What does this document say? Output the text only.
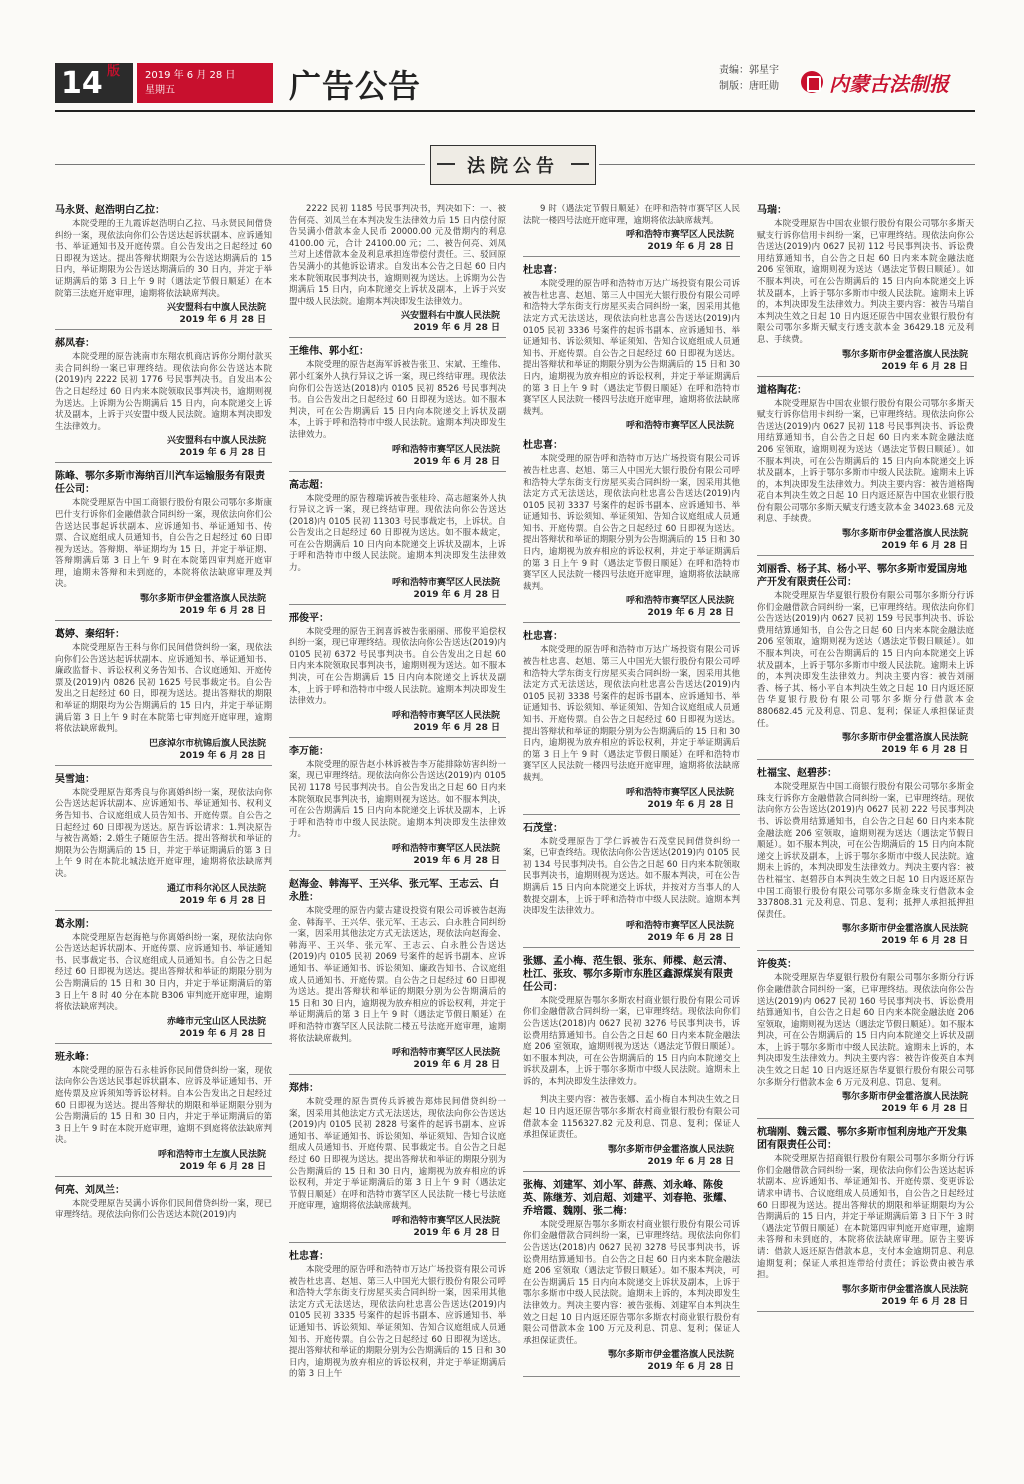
14 版	2019 年 6 月 28 日
星期五	广告公告	责编：郭星宇
制版：唐旺勋	内蒙古法制报
法院公告

马永贤、赵浩明白乙拉：

本院受理的王九霞诉赵浩明白乙拉、马永贤民间借贷纠纷一案，现依法向你们公告送达起诉状副本、应诉通知书、举证通知书及开庭传票。自公告发出之日起经过 60 日即视为送达。提出答辩状期限为公告送达期满后的 15 日内，举证期限为公告送达期满后的 30 日内，并定于举证期满后的第 3 日上午 9 时（遇法定节假日顺延）在本院第三法庭开庭审理，逾期将依法缺席判决。

兴安盟科右中旗人民法院

2019 年 6 月 28 日

郝凤春：

本院受理的原告洮南市东翔农机商店诉你分期付款买卖合同纠纷一案已审理终结。现依法向你公告送达本院(2019)内 2222 民初 1776 号民事判决书。自发出本公告之日起经过 60 日内来本院领取民事判决书，逾期则视为送达。上诉期为公告期满后 15 日内，向本院递交上诉状及副本，上诉于兴安盟中级人民法院。逾期本判决即发生法律效力。

兴安盟科右中旗人民法院

2019 年 6 月 28 日

陈峰、鄂尔多斯市海纳百川汽车运输服务有限责任公司：

本院受理原告中国工商银行股份有限公司鄂尔多斯康巴什支行诉你们金融借款合同纠纷一案，现依法向你们公告送达民事起诉状副本、应诉通知书、举证通知书、传票、合议庭组成人员通知书，自公告之日起经过 60 日即视为送达。答辩期、举证期均为 15 日，并定于举证期、答辩期满后第 3 日上午 9 时在本院第四审判庭开庭审理，逾期未答辩和未到庭的，本院将依法缺席审理及判决。

鄂尔多斯市伊金霍洛旗人民法院

2019 年 6 月 28 日

葛婷、秦绍轩：

本院受理原告王科与你们民间借贷纠纷一案，现依法向你们公告送达起诉状副本、应诉通知书、举证通知书、廉政监督卡、诉讼权利义务告知书、合议庭通知、开庭传票及(2019)内 0826 民初 1625 号民事裁定书。自公告发出之日起经过 60 日，即视为送达。提出答辩状的期限和举证的期限均为公告期满后的 15 日内，并定于举证期满后第 3 日上午 9 时在本院第七审判庭开庭审理，逾期将依法缺席裁判。

巴彦淖尔市杭锦后旗人民法院

2019 年 6 月 28 日

吴雪迪：

本院受理原告郑秀良与你离婚纠纷一案，现依法向你公告送达起诉状副本、应诉通知书、举证通知书、权利义务告知书、合议庭组成人员告知书、开庭传票。自公告之日起经过 60 日即视为送达。原告诉讼请求：1.判决原告与被告离婚；2.婚生子随原告生活。提出答辩状和举证的期限为公告期满后的 15 日，并定于举证期满后的第 3 日上午 9 时在本院北城法庭开庭审理，逾期将依法缺席判决。

通辽市科尔沁区人民法院

2019 年 6 月 28 日

葛永刚：

本院受理原告赵海艳与你离婚纠纷一案，现依法向你公告送达起诉状副本、开庭传票、应诉通知书、举证通知书、民事裁定书、合议庭组成人员通知书。自公告之日起经过 60 日即视为送达。提出答辩状和举证的期限分别为公告期满后的 15 日和 30 日内，并定于举证期满后的第 3 日上午 8 时 40 分在本院 B306 审判庭开庭审理，逾期将依法缺席判决。

赤峰市元宝山区人民法院

2019 年 6 月 28 日

班永峰：

本院受理的原告石永桂诉你民间借贷纠纷一案，现依法向你公告送达民事起诉状副本、应诉及举证通知书、开庭传票及应诉须知等诉讼材料。自本公告发出之日起经过 60 日即视为送达。提出答辩状的期限和举证期限分别为公告期满后的 15 日和 30 日内，并定于举证期满后的第 3 日上午 9 时在本院开庭审理，逾期不到庭将依法缺席判决。

呼和浩特市土左旗人民法院

2019 年 6 月 28 日

何亮、刘凤兰：

本院受理原告吴满小诉你们民间借贷纠纷一案，现已审理终结。现依法向你们公告送达本院(2019)内

2222 民初 1185 号民事判决书，判决如下：一、被告何亮、刘凤兰在本判决发生法律效力后 15 日内偿付原告吴满小借款本金人民币 20000.00 元及借期内的利息 4100.00 元，合计 24100.00 元；二、被告何亮、刘凤兰对上述借款本金及利息承担连带偿付责任。三、驳回原告吴满小的其他诉讼请求。自发出本公告之日起 60 日内来本院领取民事判决书，逾期则视为送达。上诉期为公告期满后 15 日内，向本院递交上诉状及副本，上诉于兴安盟中级人民法院。逾期本判决即发生法律效力。

兴安盟科右中旗人民法院

2019 年 6 月 28 日

王维伟、郭小红：

本院受理的原告赵海军诉被告张卫、宋斌、王维伟、郭小红案外人执行异议之诉一案，现已终结审理。现依法向你们公告送达(2018)内 0105 民初 8526 号民事判决书。自公告发出之日起经过 60 日即视为送达。如不服本判决，可在公告期满后 15 日内向本院递交上诉状及副本，上诉于呼和浩特市中级人民法院。逾期本判决即发生法律效力。

呼和浩特市赛罕区人民法院

2019 年 6 月 28 日

高志超：

本院受理的原告穆瑞诉被告张桂玲、高志超案外人执行异议之诉一案，现已终结审理。现依法向你公告送达(2018)内 0105 民初 11303 号民事裁定书，上诉状。自公告发出之日起经过 60 日即视为送达。如不服本裁定，可在公告期满后 10 日内向本院递交上诉状及副本，上诉于呼和浩特市中级人民法院。逾期本判决即发生法律效力。

呼和浩特市赛罕区人民法院

2019 年 6 月 28 日

邢俊平：

本院受理的原告王润喜诉被告张丽丽、邢俊平追偿权纠纷一案，现已审理终结。现依法向你公告送达(2019)内 0105 民初 6372 号民事判决书。自公告发出之日起 60 日内来本院领取民事判决书，逾期则视为送达。如不服本判决，可在公告期满后 15 日内向本院递交上诉状及副本，上诉于呼和浩特市中级人民法院。逾期本判决即发生法律效力。

呼和浩特市赛罕区人民法院

2019 年 6 月 28 日

李万能：

本院受理的原告赵小林诉被告李万能排除妨害纠纷一案，现已审理终结。现依法向你公告送达(2019)内 0105 民初 1178 号民事判决书。自公告发出之日起 60 日内来本院领取民事判决书，逾期则视为送达。如不服本判决，可在公告期满后 15 日内向本院递交上诉状及副本，上诉于呼和浩特市中级人民法院。逾期本判决即发生法律效力。

呼和浩特市赛罕区人民法院

2019 年 6 月 28 日

赵海金、韩海平、王兴华、张元军、王志云、白永胜：

本院受理的原告内蒙古建设投资有限公司诉被告赵海金、韩海平、王兴华、张元军、王志云、白永胜合同纠纷一案，因采用其他法定方式无法送达，现依法向赵海金、韩海平、王兴华、张元军、王志云、白永胜公告送达(2019)内 0105 民初 2069 号案件的起诉书副本、应诉通知书、举证通知书、诉讼须知、廉政告知书、合议庭组成人员通知书、开庭传票。自公告之日起经过 60 日即视为送达。提出答辩状和举证的期限分别为公告期满后的 15 日和 30 日内，逾期视为放弃相应的诉讼权利，并定于举证期满后的第 3 日上午 9 时（遇法定节假日顺延）在呼和浩特市赛罕区人民法院二楼五号法庭开庭审理，逾期将依法缺席裁判。

呼和浩特市赛罕区人民法院

2019 年 6 月 28 日

郑炜：

本院受理的原告贾传兵诉被告郑炜民间借贷纠纷一案，因采用其他法定方式无法送达，现依法向你公告送达(2019)内 0105 民初 2828 号案件的起诉书副本、应诉通知书、举证通知书、诉讼须知、举证须知、告知合议庭组成人员通知书、开庭传票、民事裁定书。自公告之日起经过 60 日即视为送达。提出答辩状和举证的期限分别为公告期满后的 15 日和 30 日内，逾期视为放弃相应的诉讼权利，并定于举证期满后的第 3 日上午 9 时（遇法定节假日顺延）在呼和浩特市赛罕区人民法院一楼七号法庭开庭审理，逾期将依法缺席裁判。

呼和浩特市赛罕区人民法院

2019 年 6 月 28 日

杜忠喜：

本院受理的原告呼和浩特市万达广场投资有限公司诉被告杜忠喜、赵旭、第三人中国光大银行股份有限公司呼和浩特大学东街支行房屋买卖合同纠纷一案，因采用其他法定方式无法送达，现依法向杜忠喜公告送达(2019)内 0105 民初 3335 号案件的起诉书副本、应诉通知书、举证通知书、诉讼须知、举证须知、告知合议庭组成人员通知书、开庭传票。自公告之日起经过 60 日即视为送达。提出答辩状和举证的期限分别为公告期满后的 15 日和 30 日内，逾期视为放弃相应的诉讼权利，并定于举证期满后的第 3 日上午

9 时（遇法定节假日顺延）在呼和浩特市赛罕区人民法院一楼四号法庭开庭审理，逾期将依法缺席裁判。

呼和浩特市赛罕区人民法院

2019 年 6 月 28 日

杜忠喜：

本院受理的原告呼和浩特市万达广场投资有限公司诉被告杜忠喜、赵旭、第三人中国光大银行股份有限公司呼和浩特大学东街支行房屋买卖合同纠纷一案，因采用其他法定方式无法送达，现依法向杜忠喜公告送达(2019)内 0105 民初 3336 号案件的起诉书副本、应诉通知书、举证通知书、诉讼须知、举证须知、告知合议庭组成人员通知书、开庭传票。自公告之日起经过 60 日即视为送达。提出答辩状和举证的期限分别为公告期满后的 15 日和 30 日内，逾期视为放弃相应的诉讼权利，并定于举证期满后的第 3 日上午 9 时（遇法定节假日顺延）在呼和浩特市赛罕区人民法院一楼四号法庭开庭审理，逾期将依法缺席裁判。

呼和浩特市赛罕区人民法院

杜忠喜：

本院受理的原告呼和浩特市万达广场投资有限公司诉被告杜忠喜、赵旭、第三人中国光大银行股份有限公司呼和浩特大学东街支行房屋买卖合同纠纷一案，因采用其他法定方式无法送达，现依法向杜忠喜公告送达(2019)内 0105 民初 3337 号案件的起诉书副本、应诉通知书、举证通知书、诉讼须知、举证须知、告知合议庭组成人员通知书、开庭传票。自公告之日起经过 60 日即视为送达。提出答辩状和举证的期限分别为公告期满后的 15 日和 30 日内，逾期视为放弃相应的诉讼权利，并定于举证期满后的第 3 日上午 9 时（遇法定节假日顺延）在呼和浩特市赛罕区人民法院一楼四号法庭开庭审理，逾期将依法缺席裁判。

呼和浩特市赛罕区人民法院

2019 年 6 月 28 日

杜忠喜：

本院受理的原告呼和浩特市万达广场投资有限公司诉被告杜忠喜、赵旭、第三人中国光大银行股份有限公司呼和浩特大学东街支行房屋买卖合同纠纷一案，因采用其他法定方式无法送达，现依法向杜忠喜公告送达(2019)内 0105 民初 3338 号案件的起诉书副本、应诉通知书、举证通知书、诉讼须知、举证须知、告知合议庭组成人员通知书、开庭传票。自公告之日起经过 60 日即视为送达。提出答辩状和举证的期限分别为公告期满后的 15 日和 30 日内，逾期视为放弃相应的诉讼权利，并定于举证期满后的第 3 日上午 9 时（遇法定节假日顺延）在呼和浩特市赛罕区人民法院一楼四号法庭开庭审理，逾期将依法缺席裁判。

呼和浩特市赛罕区人民法院

2019 年 6 月 28 日

石茂堂：

本院受理原告丁学仁诉被告石茂堂民间借贷纠纷一案，已审查终结。现依法向你公告送达(2019)内 0105 民初 134 号民事判决书。自公告之日起 60 日内来本院领取民事判决书，逾期则视为送达。如不服本判决，可在公告期满后 15 日内向本院递交上诉状，并按对方当事人的人数提交副本，上诉于呼和浩特市中级人民法院。逾期本判决即发生法律效力。

呼和浩特市赛罕区人民法院

2019 年 6 月 28 日

张娜、孟小梅、范生银、张东、师樑、赵云清、杜江、张玫、鄂尔多斯市东胜区鑫源煤炭有限责任公司：

本院受理原告鄂尔多斯农村商业银行股份有限公司诉你们金融借款合同纠纷一案，已审理终结。现依法向你们公告送达(2018)内 0627 民初 3276 号民事判决书，诉讼费用结算通知书。自公告之日起 60 日内来本院金融法庭 206 室领取，逾期则视为送达（遇法定节假日顺延）。如不服本判决，可在公告期满后的 15 日内向本院递交上诉状及副本，上诉于鄂尔多斯市中级人民法院。逾期未上诉的，本判决即发生法律效力。

判决主要内容：被告张娜、孟小梅自本判决生效之日起 10 日内返还原告鄂尔多斯农村商业银行股份有限公司借款本金 1156327.82 元及利息、罚息、复利；保证人承担保证责任。

鄂尔多斯市伊金霍洛旗人民法院

2019 年 6 月 28 日

张梅、刘建军、刘小军、薛燕、刘永峰、陈俊英、陈继芳、刘启超、刘建平、刘春艳、张耀、乔培霞、魏刚、张二梅：

本院受理原告鄂尔多斯农村商业银行股份有限公司诉你们金融借款合同纠纷一案，已审理终结。现依法向你们公告送达(2018)内 0627 民初 3278 号民事判决书，诉讼费用结算通知书。自公告之日起 60 日内来本院金融法庭 206 室领取（遇法定节假日顺延）。如不服本判决，可在公告期满后 15 日内向本院递交上诉状及副本，上诉于鄂尔多斯市中级人民法院。逾期未上诉的，本判决即发生法律效力。判决主要内容：被告张梅、刘建军自本判决生效之日起 10 日内返还原告鄂尔多斯农村商业银行股份有限公司借款本金 100 万元及利息、罚息、复利；保证人承担保证责任。

鄂尔多斯市伊金霍洛旗人民法院

2019 年 6 月 28 日

马瑞：

本院受理原告中国农业银行股份有限公司鄂尔多斯天赋支行诉你信用卡纠纷一案，已审理终结。现依法向你公告送达(2019)内 0627 民初 112 号民事判决书、诉讼费用结算通知书，自公告之日起 60 日内来本院金融法庭 206 室领取，逾期则视为送达（遇法定节假日顺延）。如不服本判决，可在公告期满后的 15 日内向本院递交上诉状及副本，上诉于鄂尔多斯市中级人民法院。逾期未上诉的，本判决即发生法律效力。判决主要内容：被告马瑞自本判决生效之日起 10 日内返还原告中国农业银行股份有限公司鄂尔多斯天赋支行透支款本金 36429.18 元及利息、手续费。

鄂尔多斯市伊金霍洛旗人民法院

2019 年 6 月 28 日

道格陶花：

本院受理原告中国农业银行股份有限公司鄂尔多斯天赋支行诉你信用卡纠纷一案，已审理终结。现依法向你公告送达(2019)内 0627 民初 118 号民事判决书、诉讼费用结算通知书，自公告之日起 60 日内来本院金融法庭 206 室领取，逾期则视为送达（遇法定节假日顺延）。如不服本判决，可在公告期满后的 15 日内向本院递交上诉状及副本，上诉于鄂尔多斯市中级人民法院。逾期未上诉的，本判决即发生法律效力。判决主要内容：被告道格陶花自本判决生效之日起 10 日内返还原告中国农业银行股份有限公司鄂尔多斯天赋支行透支款本金 34023.68 元及利息、手续费。

鄂尔多斯市伊金霍洛旗人民法院

2019 年 6 月 28 日

刘丽香、杨子其、杨小平、鄂尔多斯市爱国房地产开发有限责任公司：

本院受理原告华夏银行股份有限公司鄂尔多斯分行诉你们金融借款合同纠纷一案，已审理终结。现依法向你们公告送达(2019)内 0627 民初 159 号民事判决书、诉讼费用结算通知书，自公告之日起 60 日内来本院金融法庭 206 室领取，逾期则视为送达（遇法定节假日顺延）。如不服本判决，可在公告期满后的 15 日内向本院递交上诉状及副本，上诉于鄂尔多斯市中级人民法院。逾期未上诉的，本判决即发生法律效力。判决主要内容：被告刘丽香、杨子其、杨小平自本判决生效之日起 10 日内返还原告华夏银行股份有限公司鄂尔多斯分行借款本金 880682.45 元及利息、罚息、复利；保证人承担保证责任。

鄂尔多斯市伊金霍洛旗人民法院

2019 年 6 月 28 日

杜福宝、赵碧莎：

本院受理原告中国工商银行股份有限公司鄂尔多斯金珠支行诉你方金融借款合同纠纷一案，已审理终结。现依法向你方公告送达(2019)内 0627 民初 222 号民事判决书、诉讼费用结算通知书，自公告之日起 60 日内来本院金融法庭 206 室领取，逾期则视为送达（遇法定节假日顺延）。如不服本判决，可在公告期满后的 15 日内向本院递交上诉状及副本，上诉于鄂尔多斯市中级人民法院。逾期未上诉的，本判决即发生法律效力。判决主要内容：被告杜福宝、赵碧莎自本判决生效之日起 10 日内返还原告中国工商银行股份有限公司鄂尔多斯金珠支行借款本金 337808.31 元及利息、罚息、复利；抵押人承担抵押担保责任。

鄂尔多斯市伊金霍洛旗人民法院

2019 年 6 月 28 日

许俊英：

本院受理原告华夏银行股份有限公司鄂尔多斯分行诉你金融借款合同纠纷一案，已审理终结。现依法向你公告送达(2019)内 0627 民初 160 号民事判决书、诉讼费用结算通知书，自公告之日起 60 日内来本院金融法庭 206 室领取，逾期则视为送达（遇法定节假日顺延）。如不服本判决，可在公告期满后的 15 日内向本院递交上诉状及副本，上诉于鄂尔多斯市中级人民法院。逾期未上诉的，本判决即发生法律效力。判决主要内容：被告许俊英自本判决生效之日起 10 日内返还原告华夏银行股份有限公司鄂尔多斯分行借款本金 6 万元及利息、罚息、复利。

鄂尔多斯市伊金霍洛旗人民法院

2019 年 6 月 28 日

杭瑞刚、魏云霞、鄂尔多斯市恒利房地产开发集团有限责任公司：

本院受理原告招商银行股份有限公司鄂尔多斯分行诉你们金融借款合同纠纷一案，现依法向你们公告送达起诉状副本、应诉通知书、举证通知书、开庭传票、变更诉讼请求申请书、合议庭组成人员通知书，自公告之日起经过 60 日即视为送达。提出答辩状的期限和举证期限均为公告期满后的 15 日内，并定于举证期满后第 3 日下午 3 时（遇法定节假日顺延）在本院第四审判庭开庭审理，逾期未答辩和未到庭的，本院将依法缺席审理。原告主要诉请：借款人返还原告借款本息，支付本金逾期罚息、利息逾期复利；保证人承担连带给付责任；诉讼费由被告承担。

鄂尔多斯市伊金霍洛旗人民法院

2019 年 6 月 28 日
